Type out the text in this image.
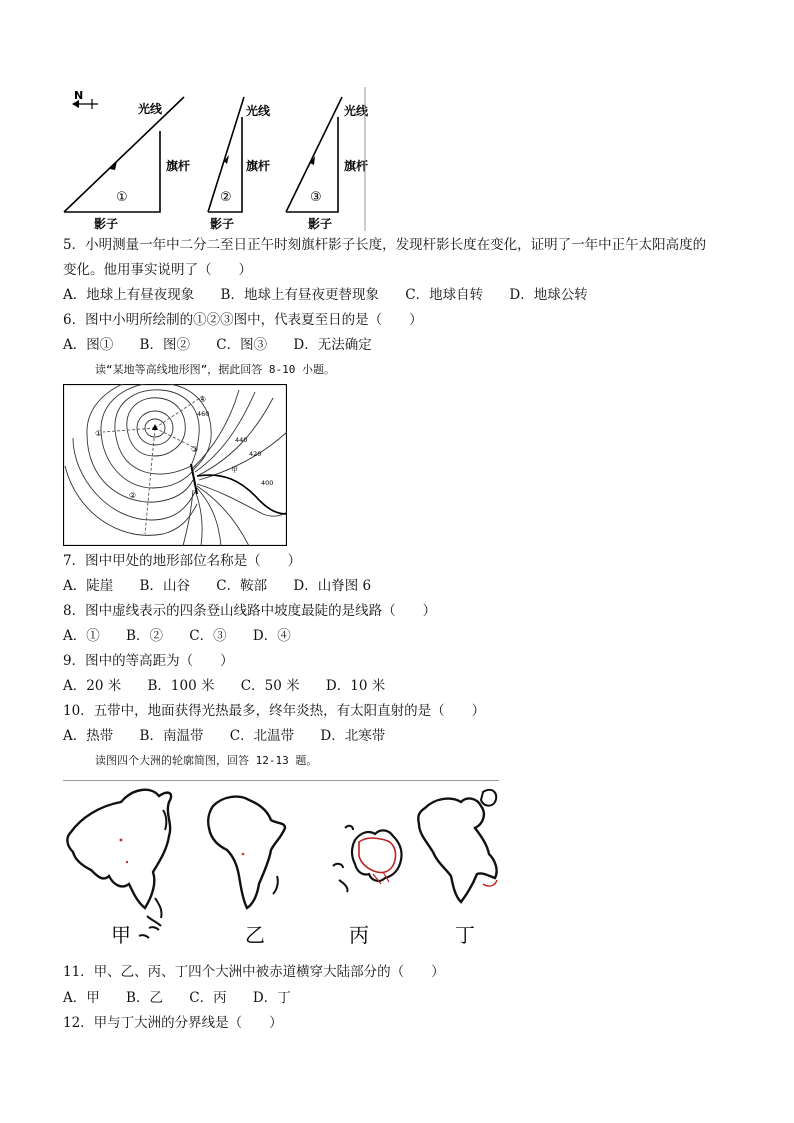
N
光线
旗杆
①
影子
光线
旗杆
②
影子
光线
旗杆
③
影子
5．小明测量一年中二分二至日正午时刻旗杆影子长度，发现杆影长度在变化，证明了一年中正午太阳高度的
变化。他用事实说明了（　　）
A．地球上有昼夜现象 B．地球上有昼夜更替现象 C．地球自转 D．地球公转
6．图中小明所绘制的①②③图中，代表夏至日的是（　　）
A．图① B．图② C．图③ D．无法确定
读“某地等高线地形图”，据此回答 8-10 小题。
460
440
420
400
①
②
③
④
甲
7．图中甲处的地形部位名称是（　　）
A．陡崖 B．山谷 C．鞍部 D．山脊图 6
8．图中虚线表示的四条登山线路中坡度最陡的是线路（　　）
A．① B．② C．③ D．④
9．图中的等高距为（　　）
A．20 米 B．100 米 C．50 米 D．10 米
10．五带中，地面获得光热最多，终年炎热，有太阳直射的是（　　）
A．热带 B．南温带 C．北温带 D．北寒带
读图四个大洲的轮廓简图，回答 12-13 题。
甲	乙	丙	丁
11．甲、乙、丙、丁四个大洲中被赤道横穿大陆部分的（　　）
A．甲 B．乙 C．丙 D．丁
12．甲与丁大洲的分界线是（　　）
